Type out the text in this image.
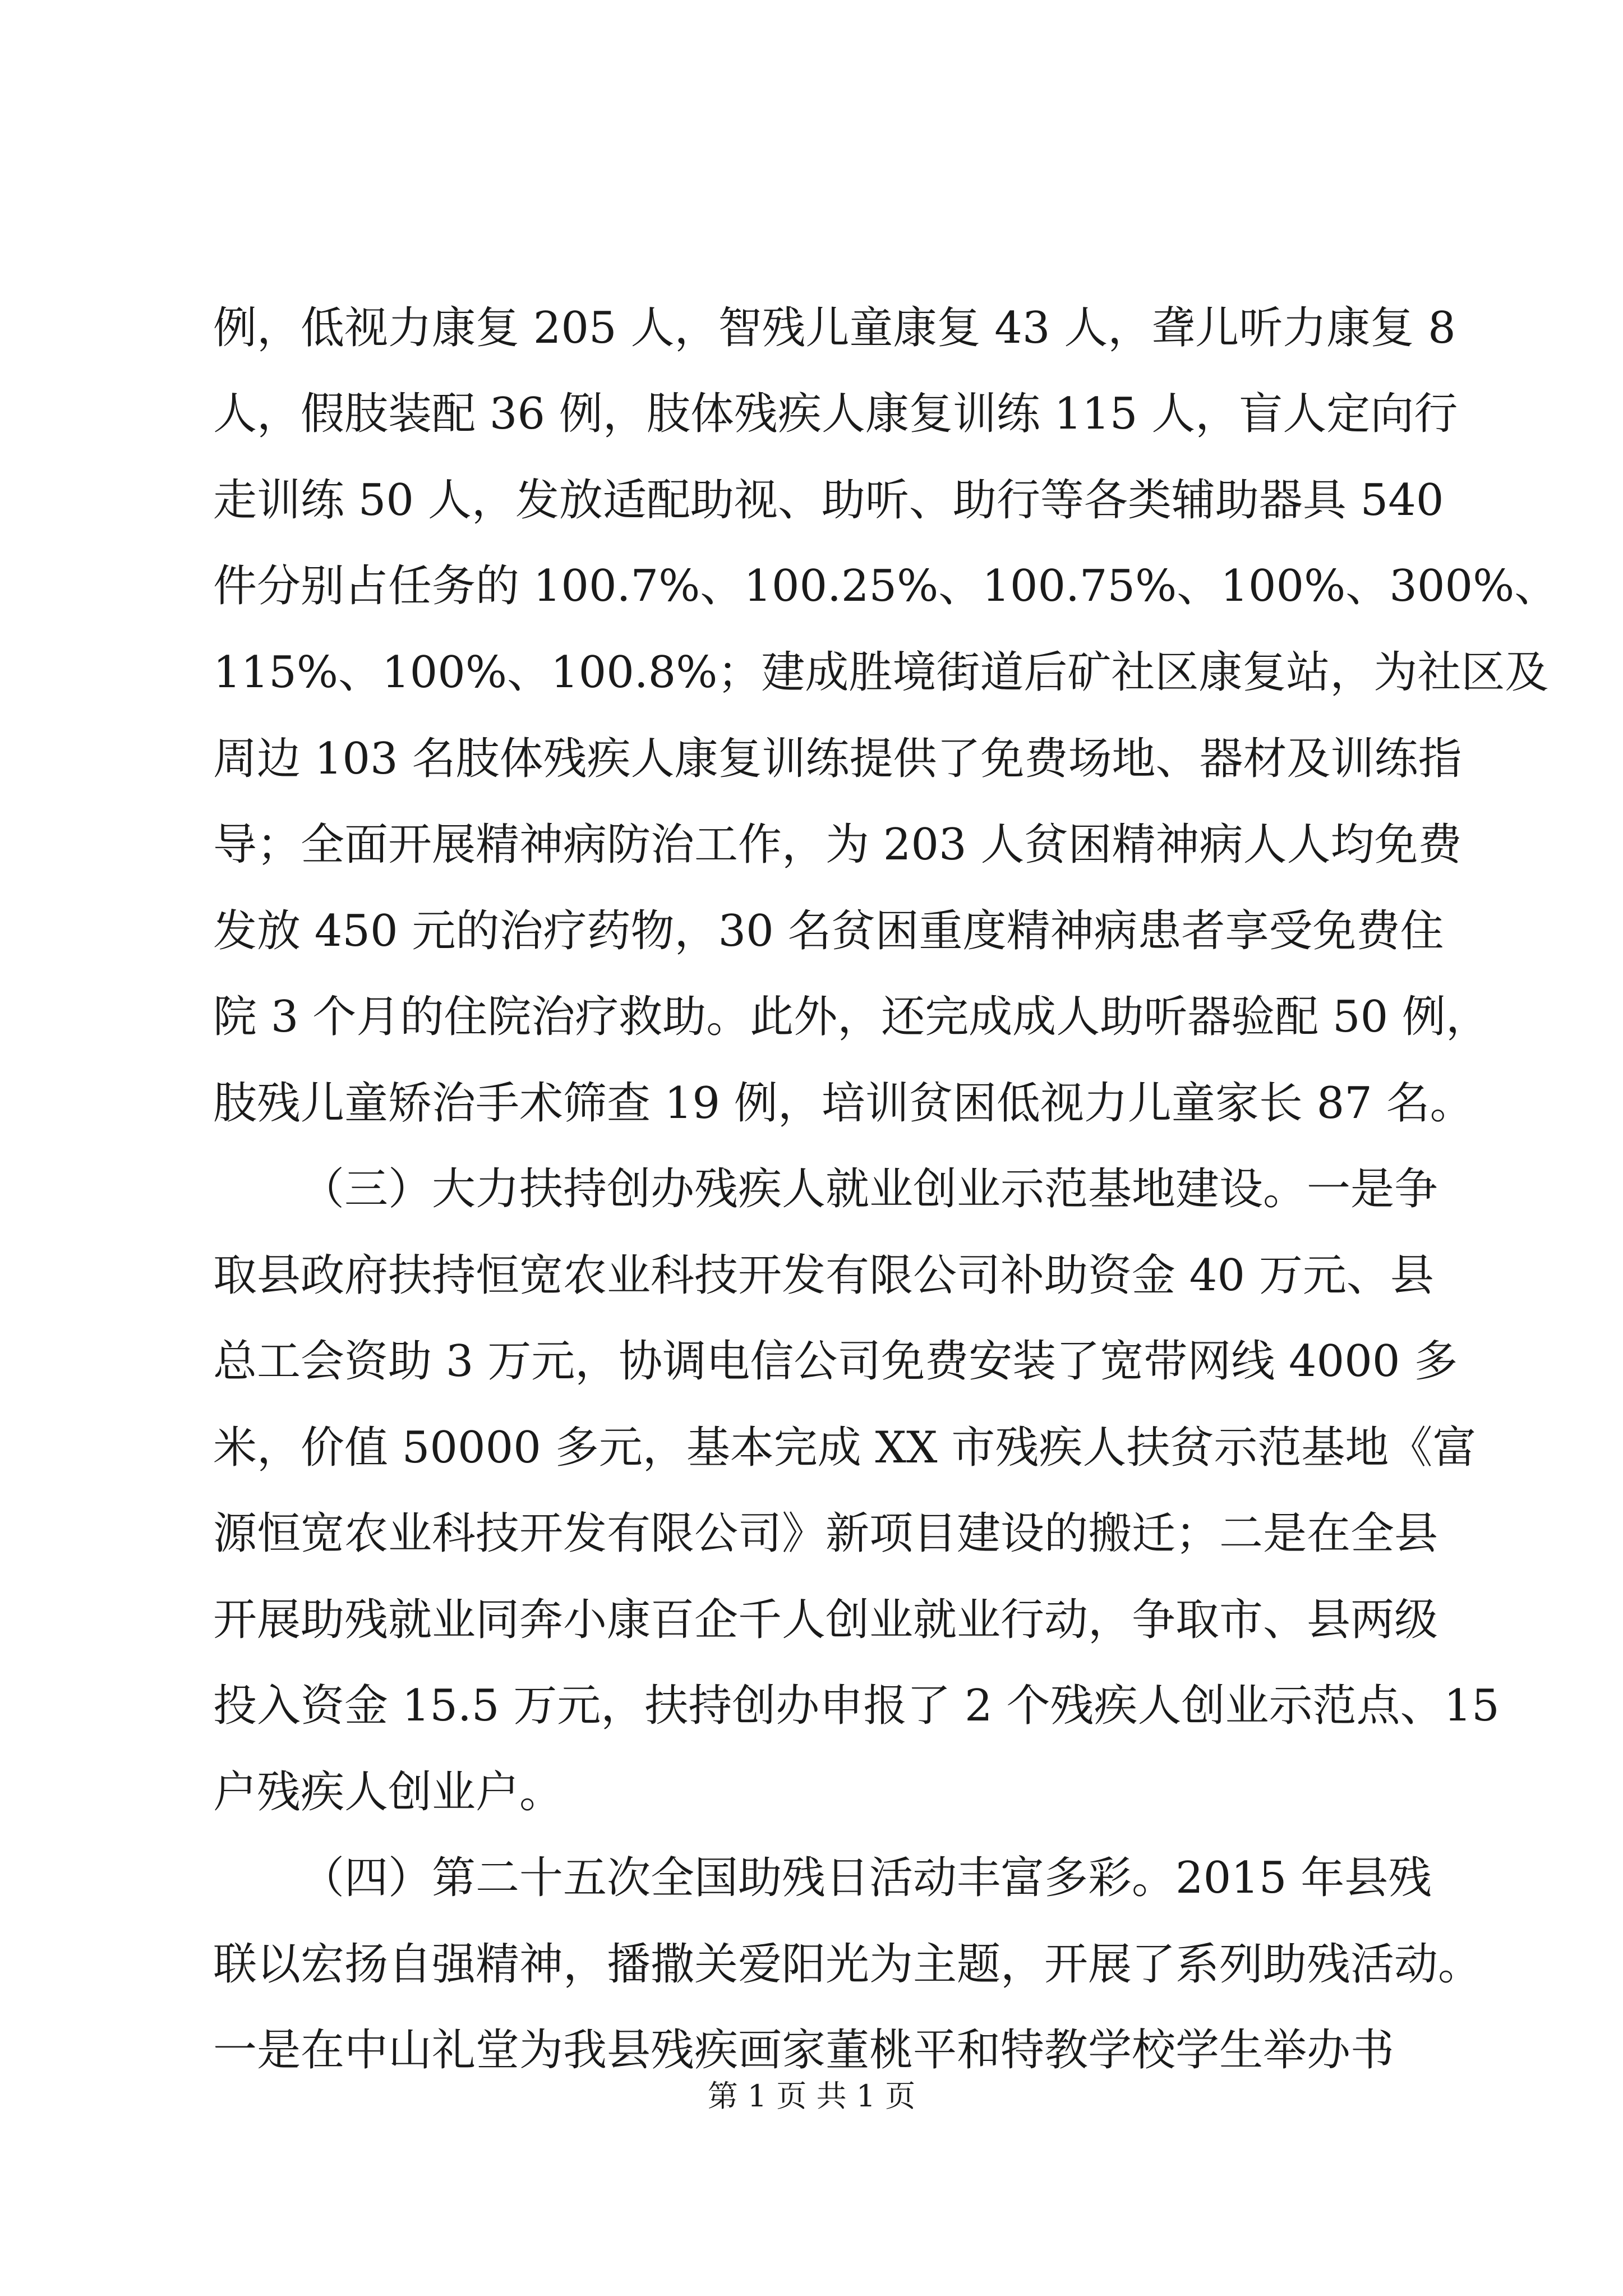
例，低视力康复 205 人，智残儿童康复 43 人，聋儿听力康复 8
人，假肢装配 36 例，肢体残疾人康复训练 115 人，盲人定向行
走训练 50 人，发放适配助视、助听、助行等各类辅助器具 540
件分别占任务的 100.7%、100.25%、100.75%、100%、300%、
115%、100%、100.8%；建成胜境街道后矿社区康复站，为社区及
周边 103 名肢体残疾人康复训练提供了免费场地、器材及训练指
导；全面开展精神病防治工作，为 203 人贫困精神病人人均免费
发放 450 元的治疗药物，30 名贫困重度精神病患者享受免费住
院 3 个月的住院治疗救助。此外，还完成成人助听器验配 50 例，
肢残儿童矫治手术筛查 19 例，培训贫困低视力儿童家长 87 名。
（三）大力扶持创办残疾人就业创业示范基地建设。一是争
取县政府扶持恒宽农业科技开发有限公司补助资金 40 万元、县
总工会资助 3 万元，协调电信公司免费安装了宽带网线 4000 多
米，价值 50000 多元，基本完成 XX 市残疾人扶贫示范基地《富
源恒宽农业科技开发有限公司》新项目建设的搬迁；二是在全县
开展助残就业同奔小康百企千人创业就业行动，争取市、县两级
投入资金 15.5 万元，扶持创办申报了 2 个残疾人创业示范点、15
户残疾人创业户。
（四）第二十五次全国助残日活动丰富多彩。2015 年县残
联以宏扬自强精神，播撒关爱阳光为主题，开展了系列助残活动。
一是在中山礼堂为我县残疾画家董桃平和特教学校学生举办书
第 1 页 共 1 页
